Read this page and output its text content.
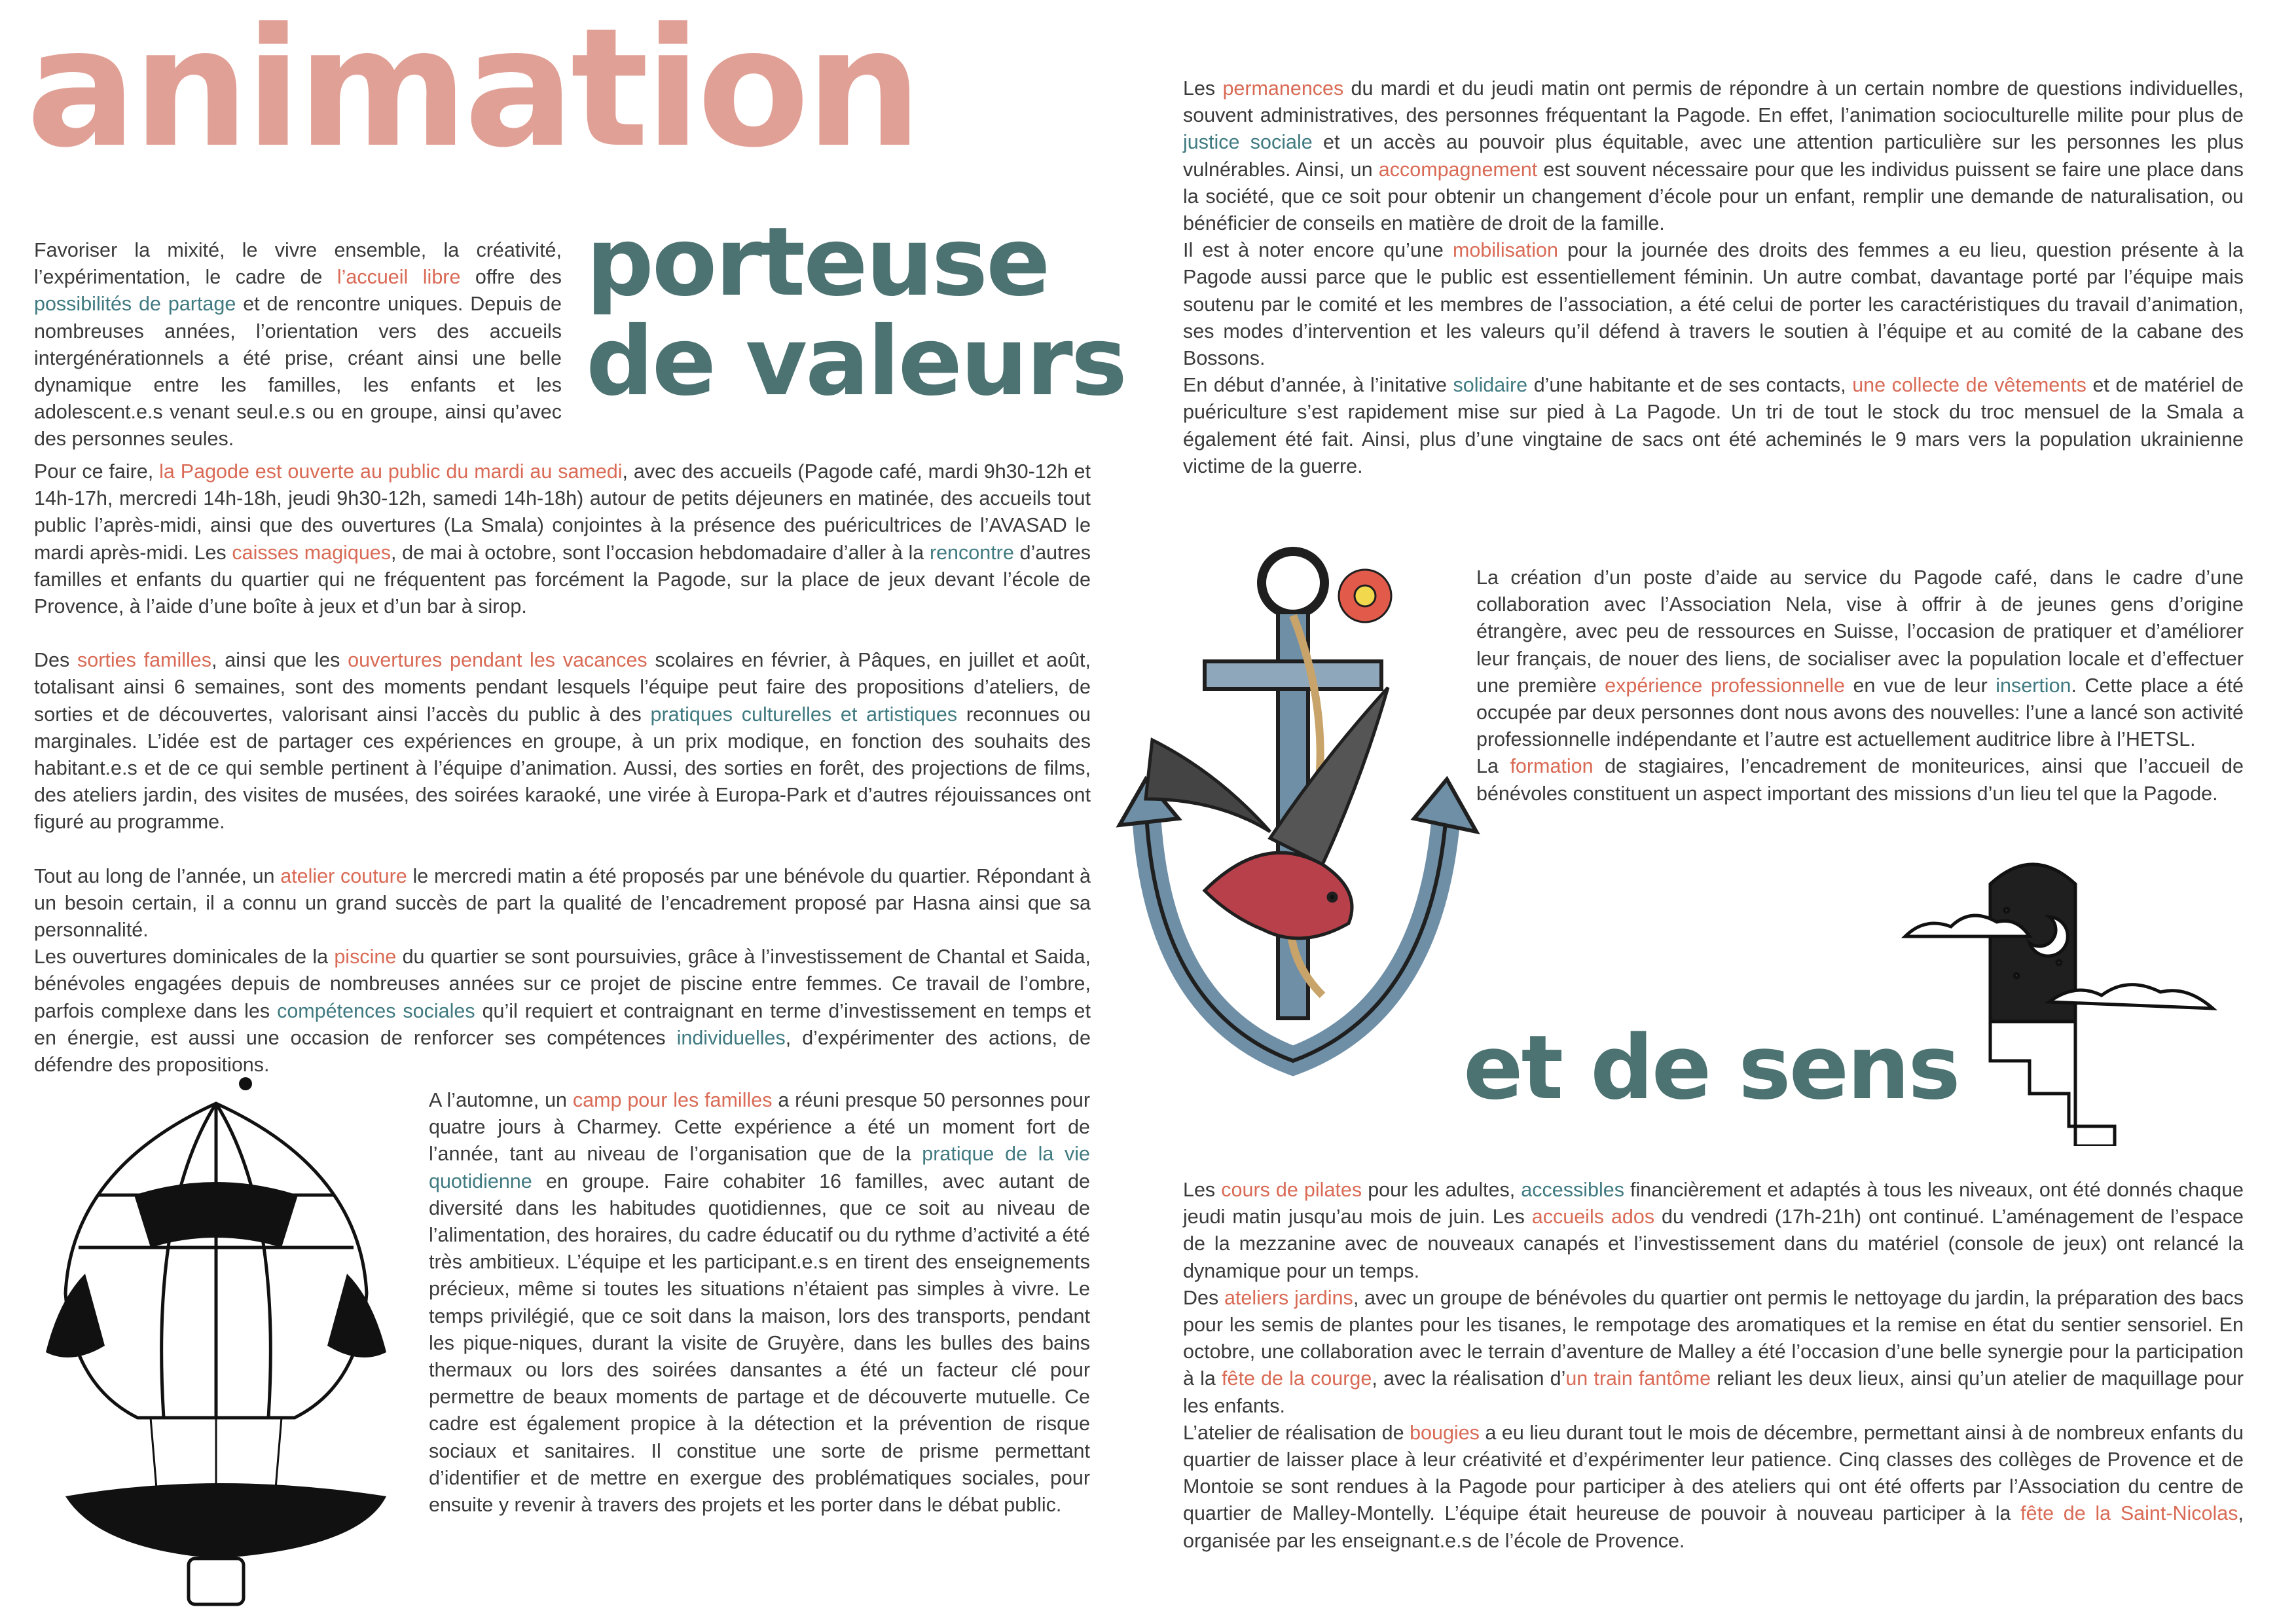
animation
porteuse
de valeurs
et de sens

Favoriser la mixité, le vivre ensemble, la créativité, l’expérimentation, le cadre de l’accueil libre offre des possibilités de partage et de rencontre uniques. Depuis de nombreuses années, l’orientation vers des accueils intergénérationnels a été prise, créant ainsi une belle dynamique entre les familles, les enfants et les adolescent.e.s venant seul.e.s ou en groupe, ainsi qu’avec des personnes seules.

Pour ce faire, la Pagode est ouverte au public du mardi au samedi, avec des accueils (Pagode café, mardi 9h30-12h et 14h-17h, mercredi 14h-18h, jeudi 9h30-12h, samedi 14h-18h) autour de petits déjeuners en matinée, des accueils tout public l’après-midi, ainsi que des ouvertures (La Smala) conjointes à la présence des puéricultrices de l’AVASAD le mardi après-midi. Les caisses magiques, de mai à octobre, sont l’occasion hebdomadaire d’aller à la rencontre d’autres familles et enfants du quartier qui ne fréquentent pas forcément la Pagode, sur la place de jeux devant l’école de Provence, à l’aide d’une boîte à jeux et d’un bar à sirop.

Des sorties familles, ainsi que les ouvertures pendant les vacances scolaires en février, à Pâques, en juillet et août, totalisant ainsi 6 semaines, sont des moments pendant lesquels l’équipe peut faire des propositions d’ateliers, de sorties et de découvertes, valorisant ainsi l’accès du public à des pratiques culturelles et artistiques reconnues ou marginales. L’idée est de partager ces expériences en groupe, à un prix modique, en fonction des souhaits des habitant.e.s et de ce qui semble pertinent à l’équipe d’animation. Aussi, des sorties en forêt, des projections de films, des ateliers jardin, des visites de musées, des soirées karaoké, une virée à Europa-Park et d’autres réjouissances ont figuré au programme.

Tout au long de l’année, un atelier couture le mercredi matin a été proposés par une bénévole du quartier. Répondant à un besoin certain, il a connu un grand succès de part la qualité de l’encadrement proposé par Hasna ainsi que sa personnalité.

Les ouvertures dominicales de la piscine du quartier se sont poursuivies, grâce à l’investissement de Chantal et Saida, bénévoles engagées depuis de nombreuses années sur ce projet de piscine entre femmes. Ce travail de l’ombre, parfois complexe dans les compétences sociales qu’il requiert et contraignant en terme d’investissement en temps et en énergie, est aussi une occasion de renforcer ses compétences individuelles, d’expérimenter des actions, de défendre des propositions.

A l’automne, un camp pour les familles a réuni presque 50 personnes pour quatre jours à Charmey. Cette expérience a été un moment fort de l’année, tant au niveau de l’organisation que de la pratique de la vie quotidienne en groupe. Faire cohabiter 16 familles, avec autant de diversité dans les habitudes quotidiennes, que ce soit au niveau de l’alimentation, des horaires, du cadre éducatif ou du rythme d’activité a été très ambitieux. L’équipe et les participant.e.s en tirent des enseignements précieux, même si toutes les situations n’étaient pas simples à vivre. Le temps privilégié, que ce soit dans la maison, lors des transports, pendant les pique-niques, durant la visite de Gruyère, dans les bulles des bains thermaux ou lors des soirées dansantes a été un facteur clé pour permettre de beaux moments de partage et de découverte mutuelle. Ce cadre est également propice à la détection et la prévention de risque sociaux et sanitaires. Il constitue une sorte de prisme permettant d’identifier et de mettre en exergue des problématiques sociales, pour ensuite y revenir à travers des projets et les porter dans le débat public.

Les permanences du mardi et du jeudi matin ont permis de répondre à un certain nombre de questions individuelles, souvent administratives, des personnes fréquentant la Pagode. En effet, l’animation socioculturelle milite pour plus de justice sociale et un accès au pouvoir plus équitable, avec une attention particulière sur les personnes les plus vulnérables. Ainsi, un accompagnement est souvent nécessaire pour que les individus puissent se faire une place dans la société, que ce soit pour obtenir un changement d’école pour un enfant, remplir une demande de naturalisation, ou bénéficier de conseils en matière de droit de la famille.

Il est à noter encore qu’une mobilisation pour la journée des droits des femmes a eu lieu, question présente à la Pagode aussi parce que le public est essentiellement féminin. Un autre combat, davantage porté par l’équipe mais soutenu par le comité et les membres de l’association, a été celui de porter les caractéristiques du travail d’animation, ses modes d’intervention et les valeurs qu’il défend à travers le soutien à l’équipe et au comité de la cabane des Bossons.

En début d’année, à l’initative solidaire d’une habitante et de ses contacts, une collecte de vêtements et de matériel de puériculture s’est rapidement mise sur pied à La Pagode. Un tri de tout le stock du troc mensuel de la Smala a également été fait. Ainsi, plus d’une vingtaine de sacs ont été acheminés le 9 mars vers la population ukrainienne victime de la guerre.

La création d’un poste d’aide au service du Pagode café, dans le cadre d’une collaboration avec l’Association Nela, vise à offrir à de jeunes gens d’origine étrangère, avec peu de ressources en Suisse, l’occasion de pratiquer et d’améliorer leur français, de nouer des liens, de socialiser avec la population locale et d’effectuer une première expérience professionnelle en vue de leur insertion. Cette place a été occupée par deux personnes dont nous avons des nouvelles: l’une a lancé son activité professionnelle indépendante et l’autre est actuellement auditrice libre à l’HETSL.

La formation de stagiaires, l’encadrement de moniteurices, ainsi que l’accueil de bénévoles constituent un aspect important des missions d’un lieu tel que la Pagode.

Les cours de pilates pour les adultes, accessibles financièrement et adaptés à tous les niveaux, ont été donnés chaque jeudi matin jusqu’au mois de juin. Les accueils ados du vendredi (17h-21h) ont continué. L’aménagement de l’espace de la mezzanine avec de nouveaux canapés et l’investissement dans du matériel (console de jeux) ont relancé la dynamique pour un temps.

Des ateliers jardins, avec un groupe de bénévoles du quartier ont permis le nettoyage du jardin, la préparation des bacs pour les semis de plantes pour les tisanes, le rempotage des aromatiques et la remise en état du sentier sensoriel. En octobre, une collaboration avec le terrain d’aventure de Malley a été l’occasion d’une belle synergie pour la participation à la fête de la courge, avec la réalisation d’un train fantôme reliant les deux lieux, ainsi qu’un atelier de maquillage pour les enfants.

L’atelier de réalisation de bougies a eu lieu durant tout le mois de décembre, permettant ainsi à de nombreux enfants du quartier de laisser place à leur créativité et d’expérimenter leur patience. Cinq classes des collèges de Provence et de Montoie se sont rendues à la Pagode pour participer à des ateliers qui ont été offerts par l’Association du centre de quartier de Malley-Montelly. L’équipe était heureuse de pouvoir à nouveau participer à la fête de la Saint-Nicolas, organisée par les enseignant.e.s de l’école de Provence.
